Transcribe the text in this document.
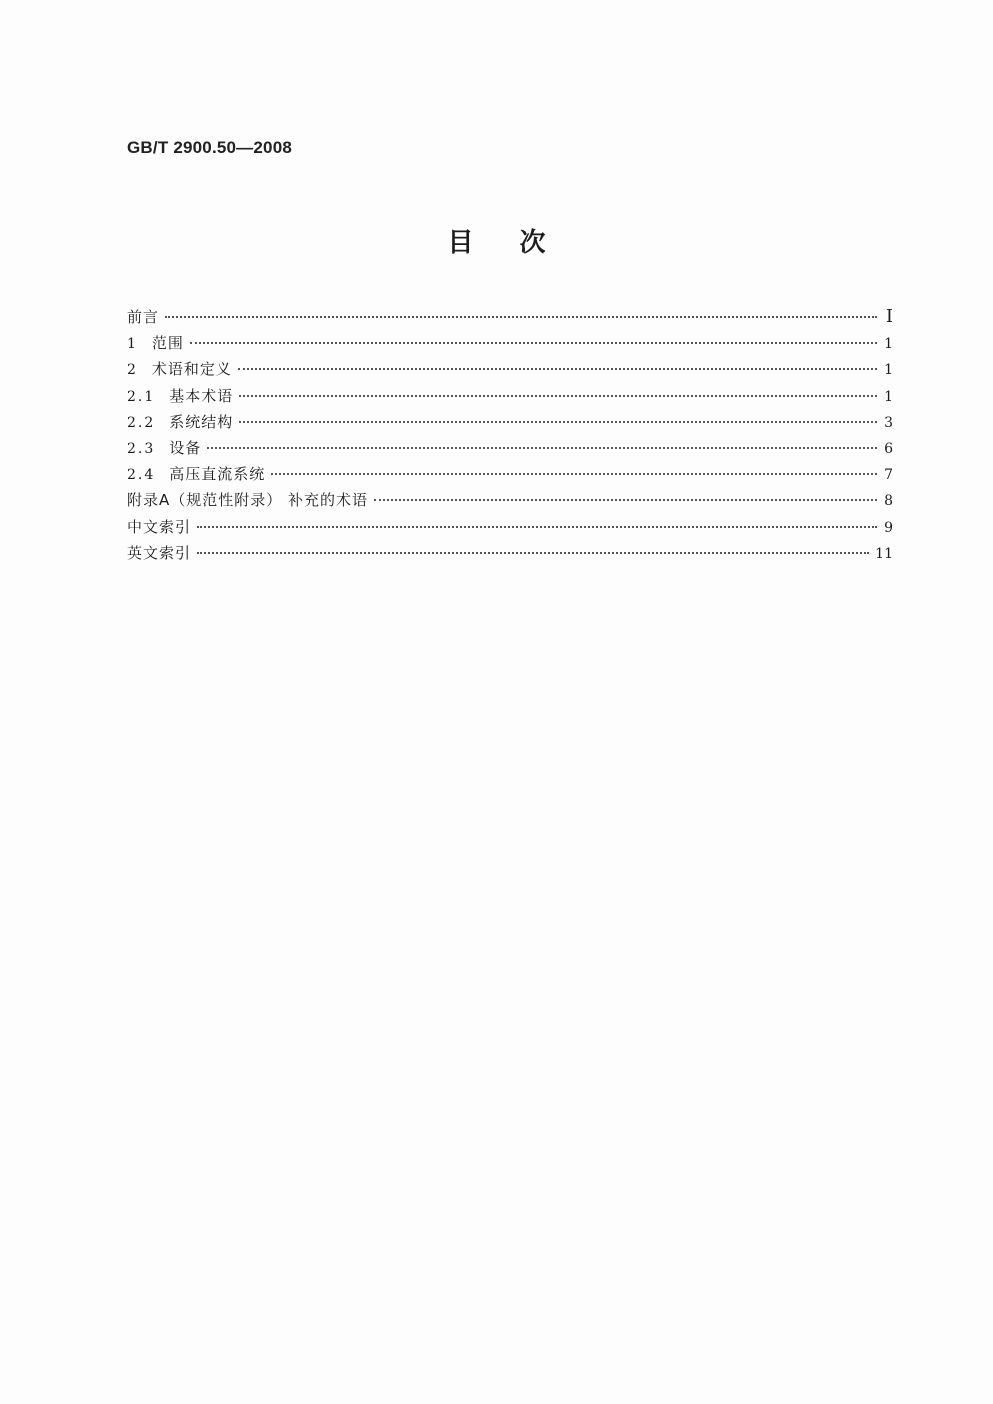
GB/T 2900.50—2008
目次
前言	I
1 范围	1
2 术语和定义	1
2.1 基本术语	1
2.2 系统结构	3
2.3 设备	6
2.4 高压直流系统	7
附录A（规范性附录） 补充的术语	8
中文索引	9
英文索引	11
